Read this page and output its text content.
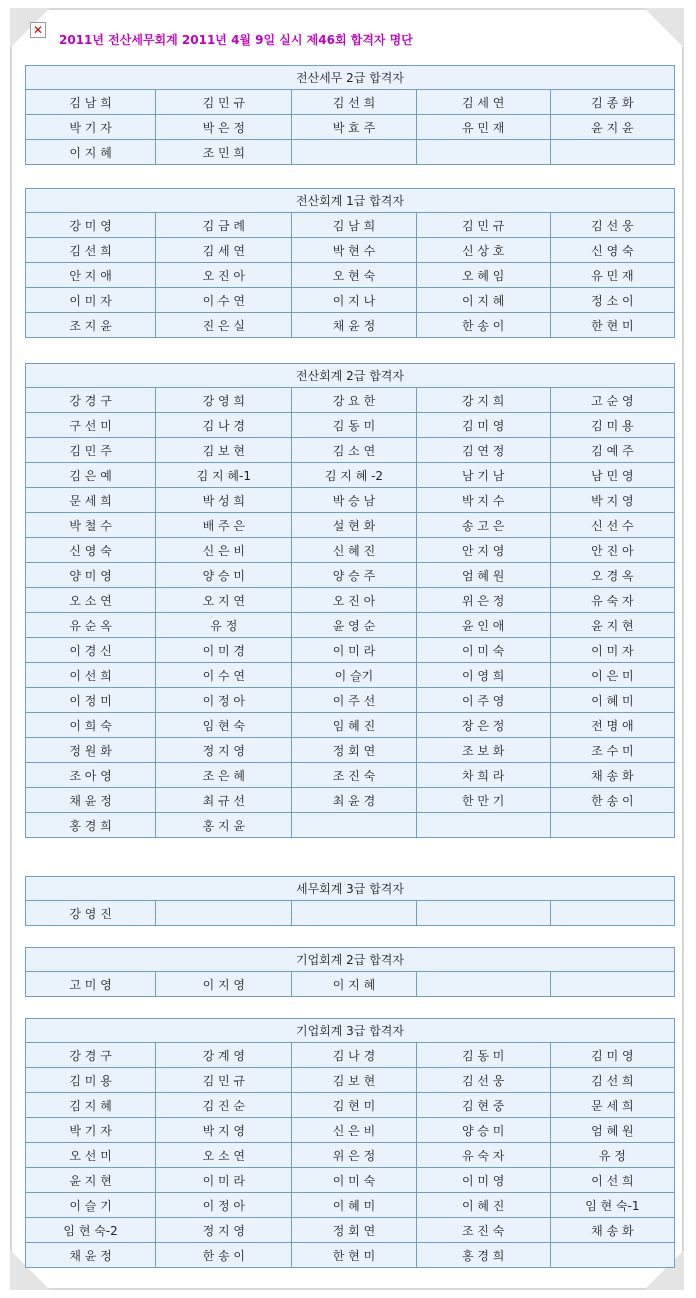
✕
2011년 전산세무회계 2011년 4월 9일 실시 제46회 합격자 명단
전산세무 2급 합격자				
김 남 희	김 민 규	김 선 희	김 세 연	김 종 화
박 기 자	박 은 정	박 효 주	유 민 재	윤 지 윤
이 지 혜	조 민 희			
전산회계 1급 합격자				
강 미 영	김 금 례	김 남 희	김 민 규	김 선 웅
김 선 희	김 세 연	박 현 수	신 상 호	신 영 숙
안 지 애	오 진 아	오 현 숙	오 혜 임	유 민 재
이 미 자	이 수 연	이 지 나	이 지 혜	정 소 이
조 지 윤	진 은 실	채 윤 정	한 송 이	한 현 미
전산회계 2급 합격자				
강 경 구	강 영 희	강 요 한	강 지 희	고 순 영
구 선 미	김 나 경	김 동 미	김 미 영	김 미 용
김 민 주	김 보 현	김 소 연	김 연 정	김 예 주
김 은 예	김 지 혜-1	김 지 혜 -2	남 기 남	남 민 영
문 세 희	박 성 희	박 승 남	박 지 수	박 지 영
박 철 수	배 주 은	설 현 화	송 고 은	신 선 수
신 영 숙	신 은 비	신 혜 진	안 지 영	안 진 아
양 미 영	양 승 미	양 승 주	엄 혜 원	오 경 옥
오 소 연	오 지 연	오 진 아	위 은 정	유 숙 자
유 순 옥	유 정	윤 영 순	윤 인 애	윤 지 현
이 경 신	이 미 경	이 미 라	이 미 숙	이 미 자
이 선 희	이 수 연	이 슬기	이 영 희	이 은 미
이 정 미	이 정 아	이 주 선	이 주 영	이 혜 미
이 희 숙	임 현 숙	임 혜 진	장 은 정	전 명 애
정 원 화	정 지 영	정 회 연	조 보 화	조 수 미
조 아 영	조 은 혜	조 진 숙	차 희 라	채 송 화
채 윤 정	최 규 선	최 윤 경	한 만 기	한 송 이
홍 경 희	홍 지 윤			
세무회계 3급 합격자
강 영 진				
기업회계 2급 합격자
고 미 영	이 지 영	이 지 혜		
기업회계 3급 합격자				
강 경 구	강 계 영	김 나 경	김 동 미	김 미 영
김 미 용	김 민 규	김 보 현	김 선 웅	김 선 희
김 지 혜	김 진 순	김 현 미	김 현 중	문 세 희
박 기 자	박 지 영	신 은 비	양 승 미	엄 혜 원
오 선 미	오 소 연	위 은 정	유 숙 자	유 정
윤 지 현	이 미 라	이 미 숙	이 미 영	이 선 희
이 슬 기	이 정 아	이 혜 미	이 혜 진	임 현 숙-1
임 현 숙-2	정 지 영	정 회 연	조 진 숙	채 송 화
채 윤 정	한 송 이	한 현 미	홍 경 희	
